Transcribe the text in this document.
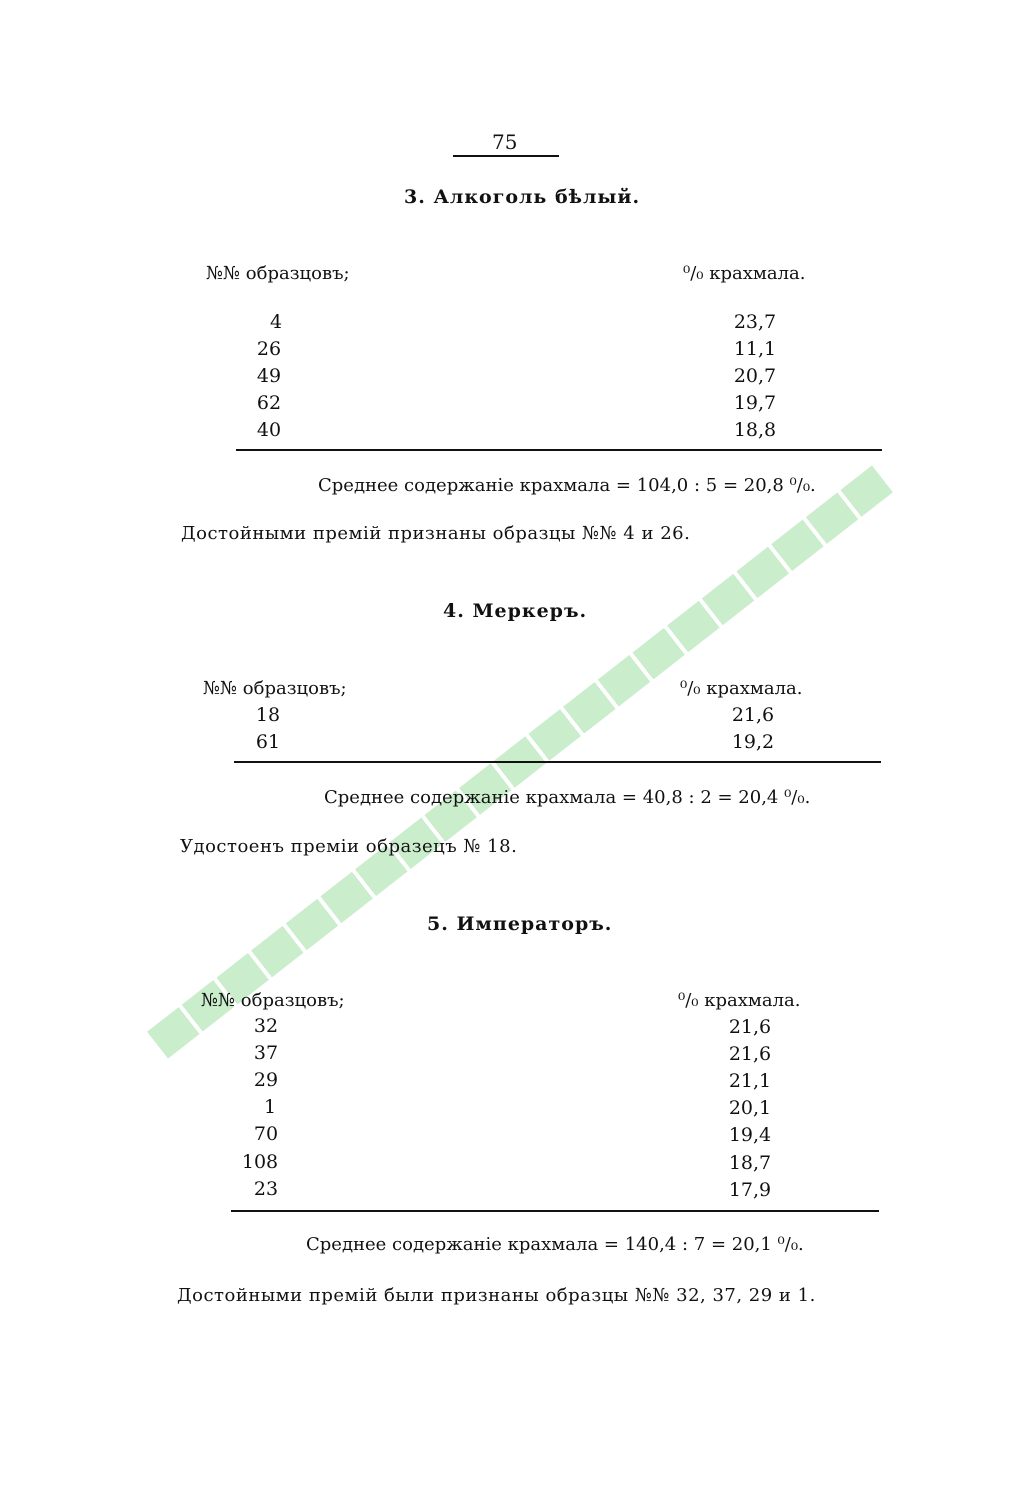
75
3. Алкоголь бѣлый.
№№ образцовъ;	⁰/₀ крахмала.
4	23,7
26	11,1
49	20,7
62	19,7
40	18,8
Среднее содержаніе крахмала = 104,0 : 5 = 20,8 ⁰/₀.
Достойными премій признаны образцы №№ 4 и 26.
4. Меркеръ.
№№ образцовъ;	⁰/₀ крахмала.
18	21,6
61	19,2
Среднее содержаніе крахмала = 40,8 : 2 = 20,4 ⁰/₀.
Удостоенъ преміи образецъ № 18.
5. Императоръ.
№№ образцовъ;	⁰/₀ крахмала.
32	21,6
37	21,6
29	21,1
1	20,1
70	19,4
108	18,7
23	17,9
Среднее содержаніе крахмала = 140,4 : 7 = 20,1 ⁰/₀.
Достойными премій были признаны образцы №№ 32, 37, 29 и 1.
